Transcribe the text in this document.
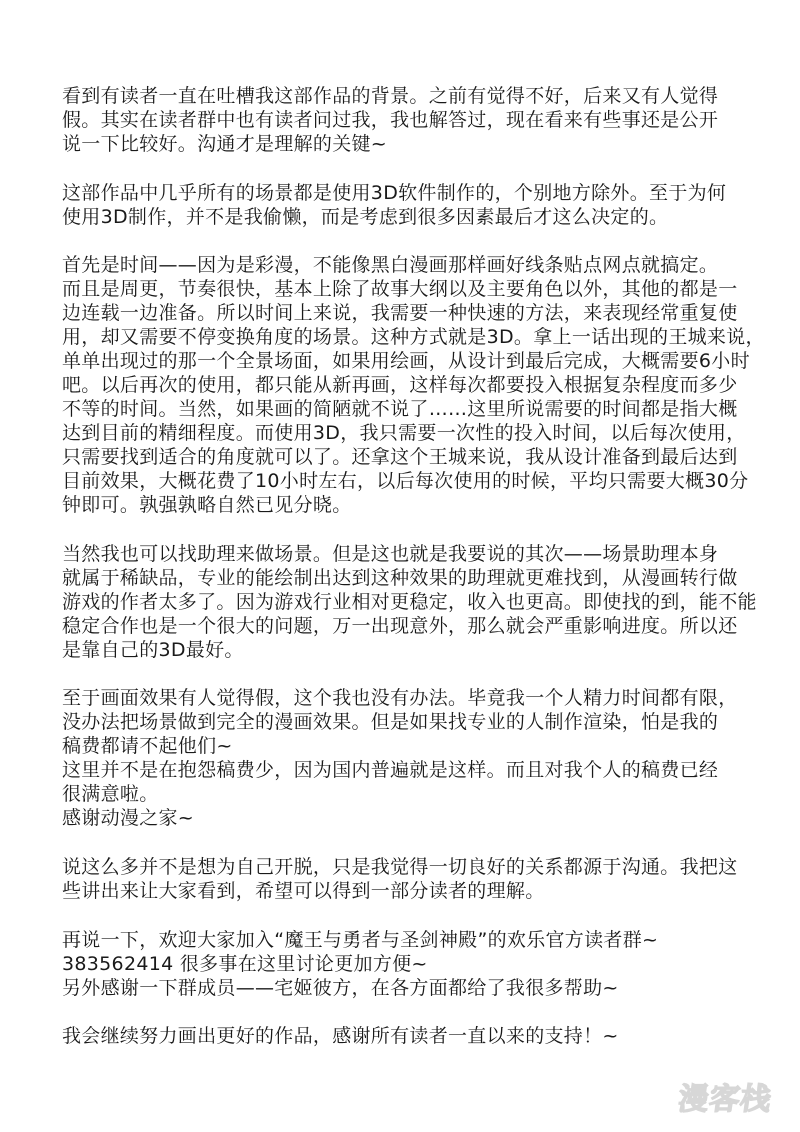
看到有读者一直在吐槽我这部作品的背景。之前有觉得不好，后来又有人觉得
假。其实在读者群中也有读者问过我，我也解答过，现在看来有些事还是公开
说一下比较好。沟通才是理解的关键~
这部作品中几乎所有的场景都是使用3D软件制作的，个别地方除外。至于为何
使用3D制作，并不是我偷懒，而是考虑到很多因素最后才这么决定的。
首先是时间——因为是彩漫，不能像黑白漫画那样画好线条贴点网点就搞定。
而且是周更，节奏很快，基本上除了故事大纲以及主要角色以外，其他的都是一
边连载一边准备。所以时间上来说，我需要一种快速的方法，来表现经常重复使
用，却又需要不停变换角度的场景。这种方式就是3D。拿上一话出现的王城来说，
单单出现过的那一个全景场面，如果用绘画，从设计到最后完成，大概需要6小时
吧。以后再次的使用，都只能从新再画，这样每次都要投入根据复杂程度而多少
不等的时间。当然，如果画的简陋就不说了……这里所说需要的时间都是指大概
达到目前的精细程度。而使用3D，我只需要一次性的投入时间，以后每次使用，
只需要找到适合的角度就可以了。还拿这个王城来说，我从设计准备到最后达到
目前效果，大概花费了10小时左右，以后每次使用的时候，平均只需要大概30分
钟即可。孰强孰略自然已见分晓。
当然我也可以找助理来做场景。但是这也就是我要说的其次——场景助理本身
就属于稀缺品，专业的能绘制出达到这种效果的助理就更难找到，从漫画转行做
游戏的作者太多了。因为游戏行业相对更稳定，收入也更高。即使找的到，能不能
稳定合作也是一个很大的问题，万一出现意外，那么就会严重影响进度。所以还
是靠自己的3D最好。
至于画面效果有人觉得假，这个我也没有办法。毕竟我一个人精力时间都有限，
没办法把场景做到完全的漫画效果。但是如果找专业的人制作渲染，怕是我的
稿费都请不起他们~
这里并不是在抱怨稿费少，因为国内普遍就是这样。而且对我个人的稿费已经
很满意啦。
感谢动漫之家~
说这么多并不是想为自己开脱，只是我觉得一切良好的关系都源于沟通。我把这
些讲出来让大家看到，希望可以得到一部分读者的理解。
再说一下，欢迎大家加入“魔王与勇者与圣剑神殿”的欢乐官方读者群~
383562414 很多事在这里讨论更加方便~
另外感谢一下群成员——宅姬彼方，在各方面都给了我很多帮助~
我会继续努力画出更好的作品，感谢所有读者一直以来的支持！~
漫客栈
